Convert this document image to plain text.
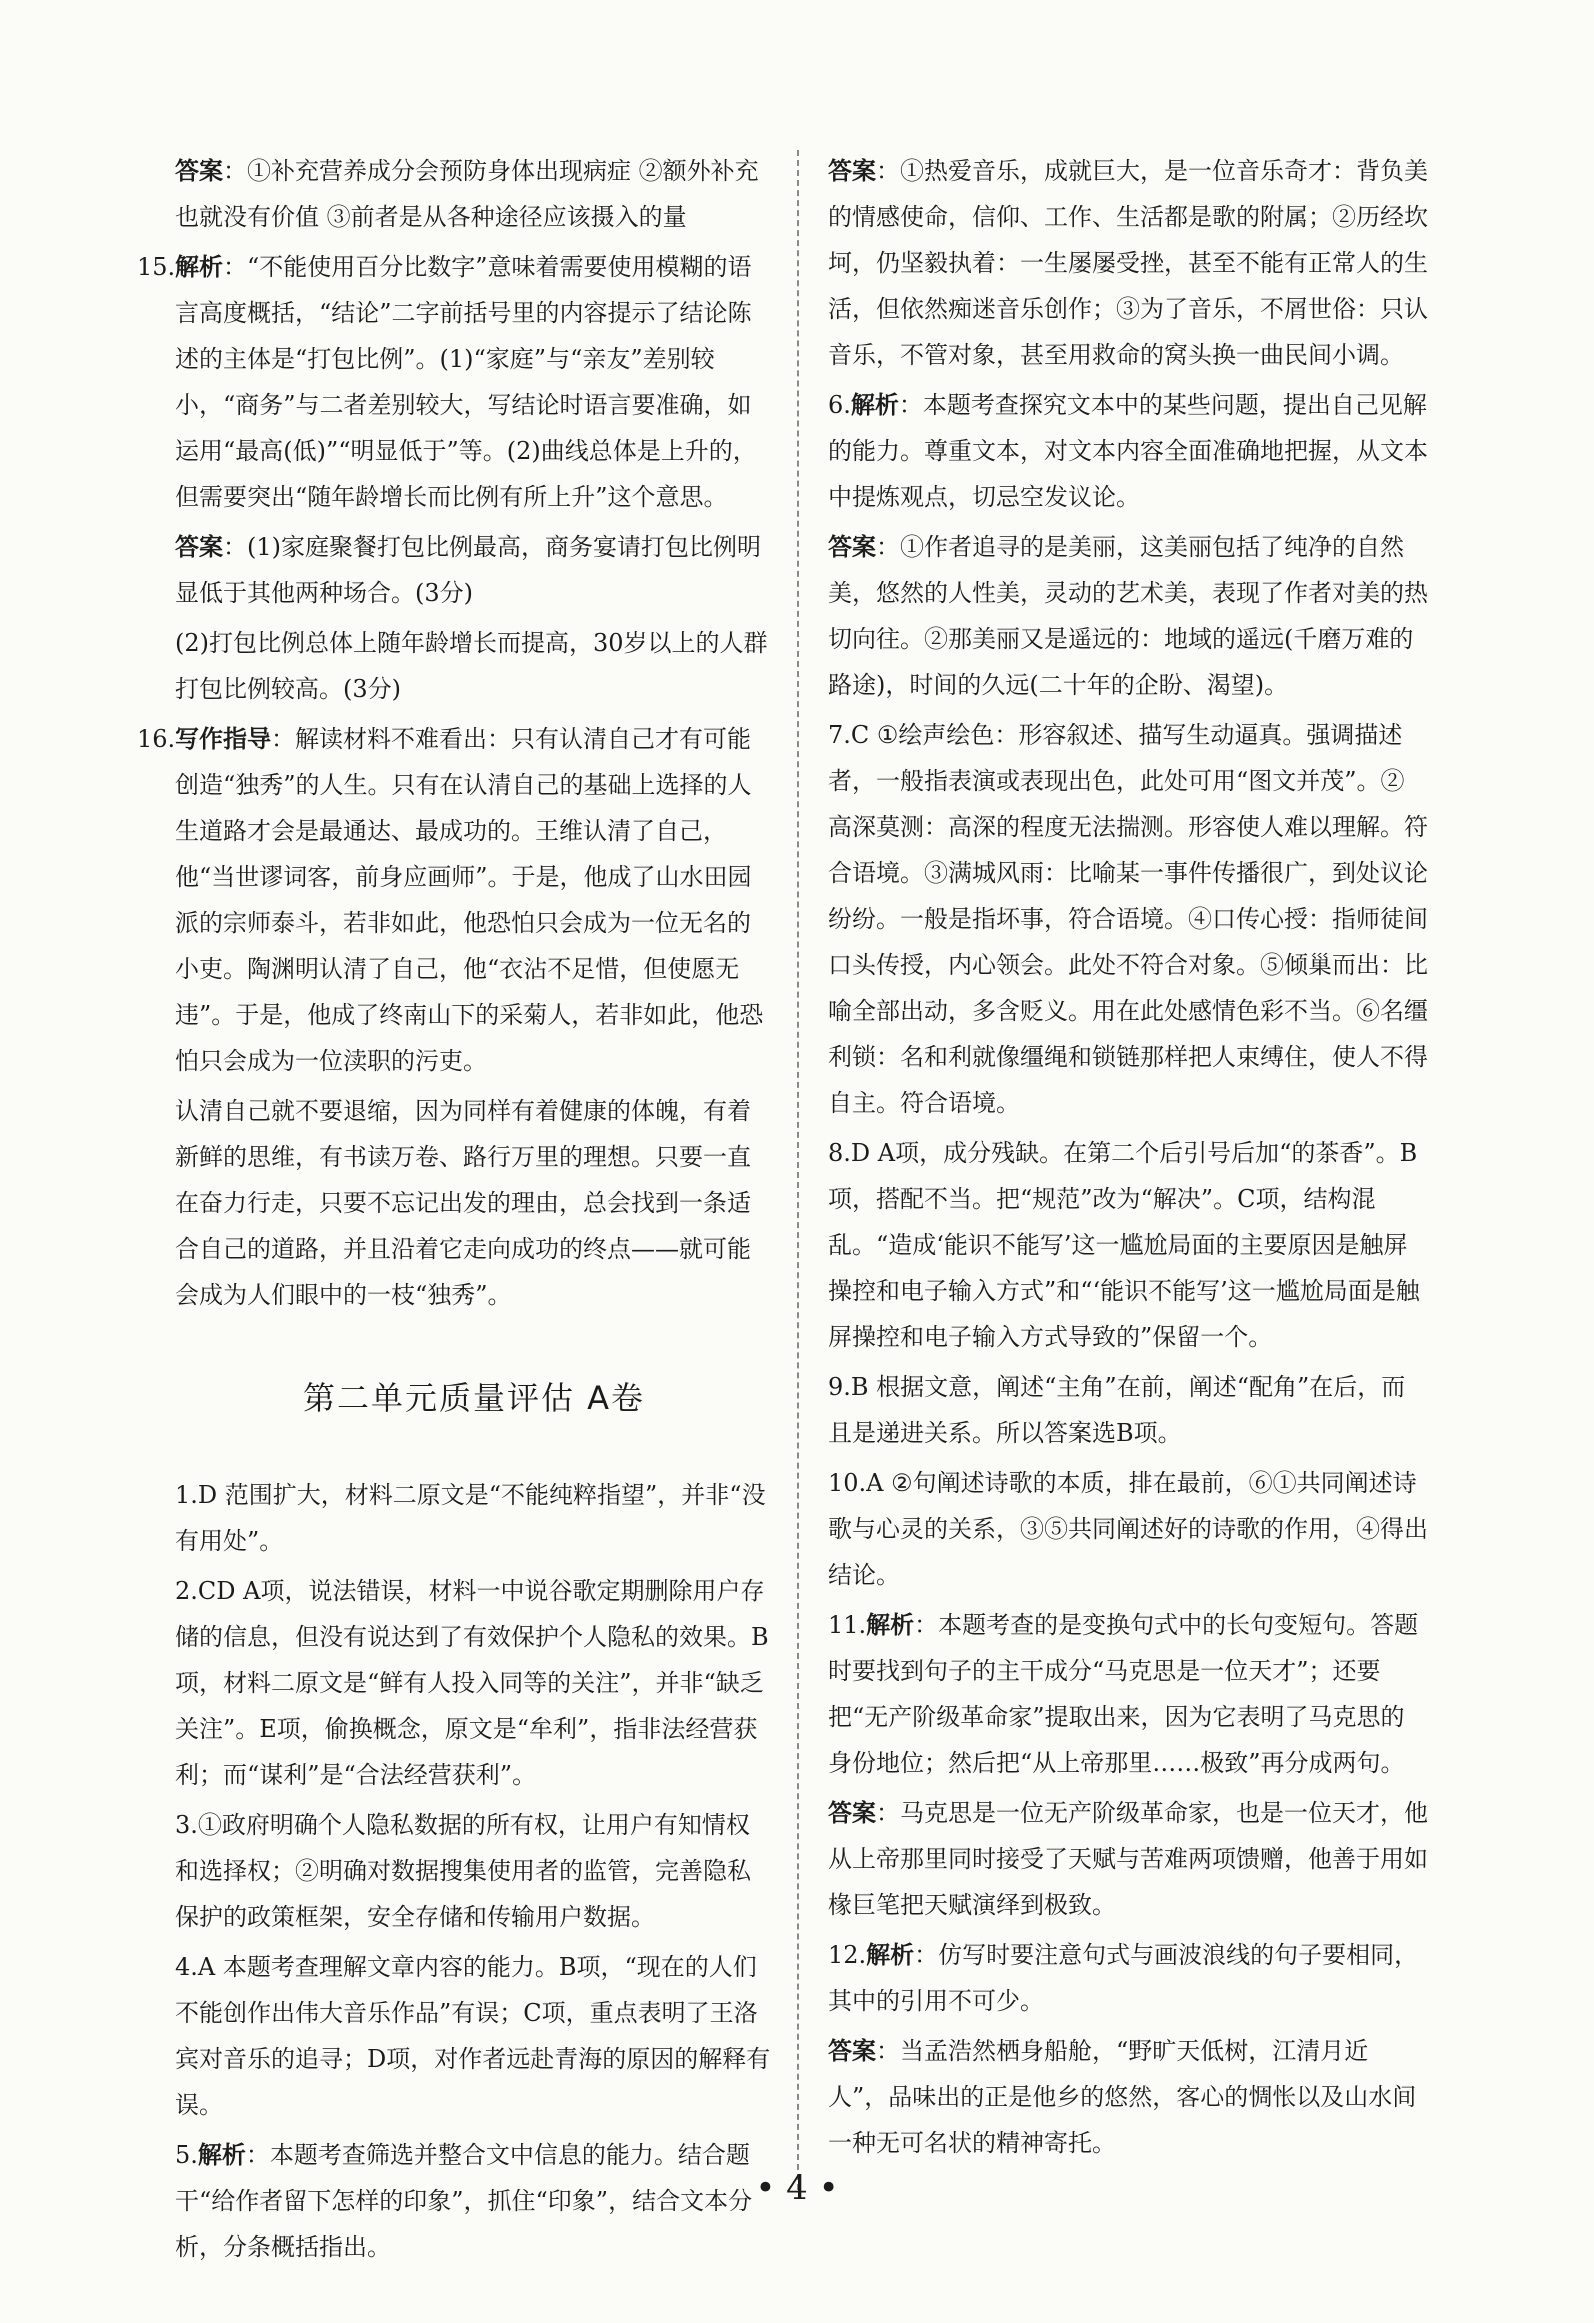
答案：①补充营养成分会预防身体出现病症 ②额外补充也就没有价值 ③前者是从各种途径应该摄入的量
15. 解析：“不能使用百分比数字”意味着需要使用模糊的语言高度概括，“结论”二字前括号里的内容提示了结论陈述的主体是“打包比例”。(1)“家庭”与“亲友”差别较小，“商务”与二者差别较大，写结论时语言要准确，如运用“最高(低)”“明显低于”等。(2)曲线总体是上升的，但需要突出“随年龄增长而比例有所上升”这个意思。
答案：(1)家庭聚餐打包比例最高，商务宴请打包比例明显低于其他两种场合。(3分)
(2)打包比例总体上随年龄增长而提高，30岁以上的人群打包比例较高。(3分)
16. 写作指导：解读材料不难看出：只有认清自己才有可能创造“独秀”的人生。只有在认清自己的基础上选择的人生道路才会是最通达、最成功的。王维认清了自己，他“当世谬词客，前身应画师”。于是，他成了山水田园派的宗师泰斗，若非如此，他恐怕只会成为一位无名的小吏。陶渊明认清了自己，他“衣沾不足惜，但使愿无违”。于是，他成了终南山下的采菊人，若非如此，他恐怕只会成为一位渎职的污吏。
认清自己就不要退缩，因为同样有着健康的体魄，有着新鲜的思维，有书读万卷、路行万里的理想。只要一直在奋力行走，只要不忘记出发的理由，总会找到一条适合自己的道路，并且沿着它走向成功的终点——就可能会成为人们眼中的一枝“独秀”。
第二单元质量评估 A卷
1.D 范围扩大，材料二原文是“不能纯粹指望”，并非“没有用处”。
2.CD A项，说法错误，材料一中说谷歌定期删除用户存储的信息，但没有说达到了有效保护个人隐私的效果。B项，材料二原文是“鲜有人投入同等的关注”，并非“缺乏关注”。E项，偷换概念，原文是“牟利”，指非法经营获利；而“谋利”是“合法经营获利”。
3.①政府明确个人隐私数据的所有权，让用户有知情权和选择权；②明确对数据搜集使用者的监管，完善隐私保护的政策框架，安全存储和传输用户数据。
4.A 本题考查理解文章内容的能力。B项，“现在的人们不能创作出伟大音乐作品”有误；C项，重点表明了王洛宾对音乐的追寻；D项，对作者远赴青海的原因的解释有误。
5.解析：本题考查筛选并整合文中信息的能力。结合题干“给作者留下怎样的印象”，抓住“印象”，结合文本分析，分条概括指出。
答案：①热爱音乐，成就巨大，是一位音乐奇才：背负美的情感使命，信仰、工作、生活都是歌的附属；②历经坎坷，仍坚毅执着：一生屡屡受挫，甚至不能有正常人的生活，但依然痴迷音乐创作；③为了音乐，不屑世俗：只认音乐，不管对象，甚至用救命的窝头换一曲民间小调。
6.解析：本题考查探究文本中的某些问题，提出自己见解的能力。尊重文本，对文本内容全面准确地把握，从文本中提炼观点，切忌空发议论。
答案：①作者追寻的是美丽，这美丽包括了纯净的自然美，悠然的人性美，灵动的艺术美，表现了作者对美的热切向往。②那美丽又是遥远的：地域的遥远(千磨万难的路途)，时间的久远(二十年的企盼、渴望)。
7.C ①绘声绘色：形容叙述、描写生动逼真。强调描述者，一般指表演或表现出色，此处可用“图文并茂”。②高深莫测：高深的程度无法揣测。形容使人难以理解。符合语境。③满城风雨：比喻某一事件传播很广，到处议论纷纷。一般是指坏事，符合语境。④口传心授：指师徒间口头传授，内心领会。此处不符合对象。⑤倾巢而出：比喻全部出动，多含贬义。用在此处感情色彩不当。⑥名缰利锁：名和利就像缰绳和锁链那样把人束缚住，使人不得自主。符合语境。
8.D A项，成分残缺。在第二个后引号后加“的茶香”。B项，搭配不当。把“规范”改为“解决”。C项，结构混乱。“造成‘能识不能写’这一尴尬局面的主要原因是触屏操控和电子输入方式”和“‘能识不能写’这一尴尬局面是触屏操控和电子输入方式导致的”保留一个。
9.B 根据文意，阐述“主角”在前，阐述“配角”在后，而且是递进关系。所以答案选B项。
10.A ②句阐述诗歌的本质，排在最前，⑥①共同阐述诗歌与心灵的关系，③⑤共同阐述好的诗歌的作用，④得出结论。
11.解析：本题考查的是变换句式中的长句变短句。答题时要找到句子的主干成分“马克思是一位天才”；还要把“无产阶级革命家”提取出来，因为它表明了马克思的身份地位；然后把“从上帝那里……极致”再分成两句。
答案：马克思是一位无产阶级革命家，也是一位天才，他从上帝那里同时接受了天赋与苦难两项馈赠，他善于用如椽巨笔把天赋演绎到极致。
12.解析：仿写时要注意句式与画波浪线的句子要相同，其中的引用不可少。
答案：当孟浩然栖身船舱，“野旷天低树，江清月近人”，品味出的正是他乡的悠然，客心的惆怅以及山水间一种无可名状的精神寄托。
• 4 •
